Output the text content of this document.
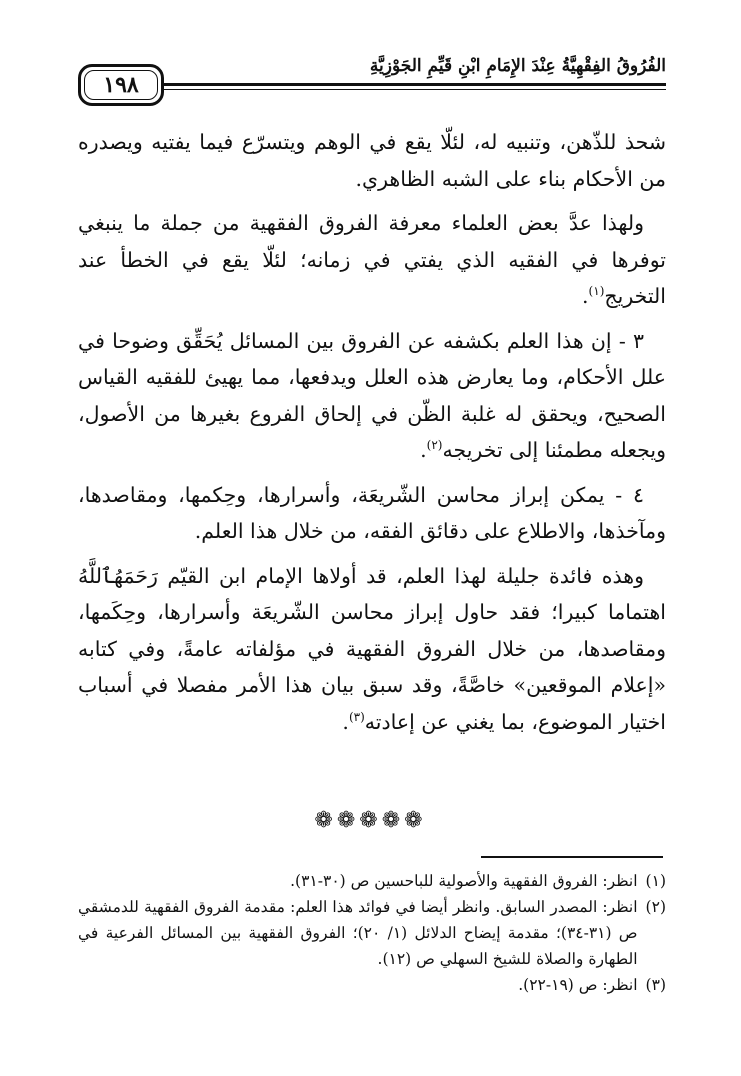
الفُرُوقُ الفِقْهِيَّةُ عِنْدَ الإِمَامِ ابْنِ قَيِّمِ الجَوْزِيَّةِ
١٩٨

شحذ للذّهن، وتنبيه له، لئلّا يقع في الوهم ويتسرّع فيما يفتيه ويصدره من الأحكام بناء على الشبه الظاهري.

ولهذا عدَّ بعض العلماء معرفة الفروق الفقهية من جملة ما ينبغي توفرها في الفقيه الذي يفتي في زمانه؛ لئلّا يقع في الخطأ عند التخريج$^{(١)}$.

٣ - إن هذا العلم بكشفه عن الفروق بين المسائل يُحَقِّق وضوحا في علل الأحكام، وما يعارض هذه العلل ويدفعها، مما يهيئ للفقيه القياس الصحيح، ويحقق له غلبة الظّن في إلحاق الفروع بغيرها من الأصول، ويجعله مطمئنا إلى تخريجه$^{(٢)}$.

٤ - يمكن إبراز محاسن الشّريعَة، وأسرارها، وحِكمها، ومقاصدها، ومآخذها، والاطلاع على دقائق الفقه، من خلال هذا العلم.

وهذه فائدة جليلة لهذا العلم، قد أولاها الإمام ابن القيّم رَحَمَهُٱللَّهُ اهتماما كبيرا؛ فقد حاول إبراز محاسن الشّريعَة وأسرارها، وحِكَمها، ومقاصدها، من خلال الفروق الفقهية في مؤلفاته عامةً، وفي كتابه «إعلام الموقعين» خاصَّةً، وقد سبق بيان هذا الأمر مفصلا في أسباب اختيار الموضوع، بما يغني عن إعادته$^{(٣)}$.

❁❁❁❁❁

(١)
انظر: الفروق الفقهية والأصولية للباحسين ص (٣٠-٣١).

(٢)
انظر: المصدر السابق. وانظر أيضا في فوائد هذا العلم: مقدمة الفروق الفقهية للدمشقي ص (٣١-٣٤)؛ مقدمة إيضاح الدلائل (١/ ٢٠)؛ الفروق الفقهية بين المسائل الفرعية في الطهارة والصلاة للشيخ السهلي ص (١٢).

(٣)
انظر: ص (١٩-٢٢).
